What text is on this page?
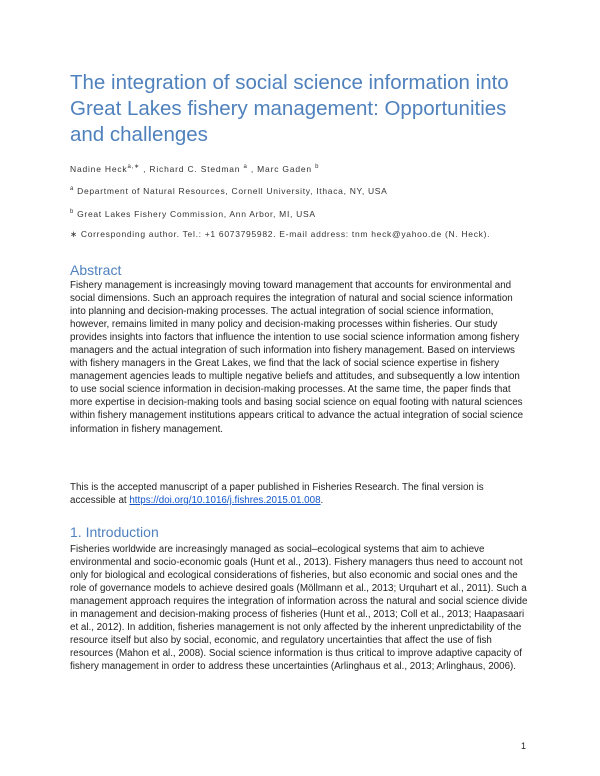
The integration of social science information into Great Lakes fishery management: Opportunities and challenges
Nadine Heck$^{a,∗}$ , Richard C. Stedman $^a$ , Marc Gaden $^b$
$^a$ Department of Natural Resources, Cornell University, Ithaca, NY, USA
$^b$ Great Lakes Fishery Commission, Ann Arbor, MI, USA
∗ Corresponding author. Tel.: +1 6073795982. E-mail address: tnm heck@yahoo.de (N. Heck).
Abstract

Fishery management is increasingly moving toward management that accounts for environmental and social dimensions. Such an approach requires the integration of natural and social science information into planning and decision-making processes. The actual integration of social science information, however, remains limited in many policy and decision-making processes within fisheries. Our study provides insights into factors that influence the intention to use social science information among fishery managers and the actual integration of such information into fishery management. Based on interviews with fishery managers in the Great Lakes, we find that the lack of social science expertise in fishery management agencies leads to multiple negative beliefs and attitudes, and subsequently a low intention to use social science information in decision-making processes. At the same time, the paper finds that more expertise in decision-making tools and basing social science on equal footing with natural sciences within fishery management institutions appears critical to advance the actual integration of social science information in fishery management.

This is the accepted manuscript of a paper published in Fisheries Research. The final version is accessible at https://doi.org/10.1016/j.fishres.2015.01.008.

1. Introduction

Fisheries worldwide are increasingly managed as social–ecological systems that aim to achieve environmental and socio-economic goals (Hunt et al., 2013). Fishery managers thus need to account not only for biological and ecological considerations of fisheries, but also economic and social ones and the role of governance models to achieve desired goals (Möllmann et al., 2013; Urquhart et al., 2011). Such a management approach requires the integration of information across the natural and social science divide in management and decision-making process of fisheries (Hunt et al., 2013; Coll et al., 2013; Haapasaari et al., 2012). In addition, fisheries management is not only affected by the inherent unpredictability of the resource itself but also by social, economic, and regulatory uncertainties that affect the use of fish resources (Mahon et al., 2008). Social science information is thus critical to improve adaptive capacity of fishery management in order to address these uncertainties (Arlinghaus et al., 2013; Arlinghaus, 2006).

1
